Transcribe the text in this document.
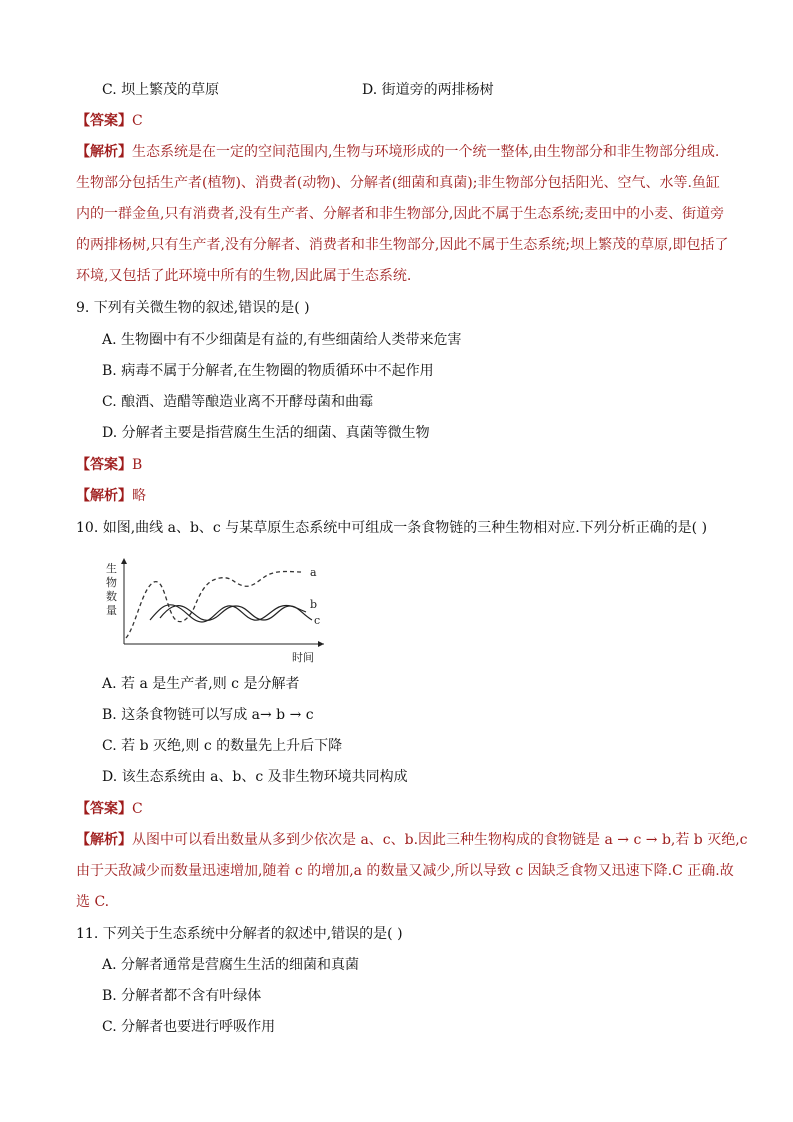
C. 坝上繁茂的草原	D. 街道旁的两排杨树
【答案】C
【解析】生态系统是在一定的空间范围内,生物与环境形成的一个统一整体,由生物部分和非生物部分组成.
生物部分包括生产者(植物)、消费者(动物)、分解者(细菌和真菌);非生物部分包括阳光、空气、水等.鱼缸
内的一群金鱼,只有消费者,没有生产者、分解者和非生物部分,因此不属于生态系统;麦田中的小麦、街道旁
的两排杨树,只有生产者,没有分解者、消费者和非生物部分,因此不属于生态系统;坝上繁茂的草原,即包括了
环境,又包括了此环境中所有的生物,因此属于生态系统.
9. 下列有关微生物的叙述,错误的是( )
A. 生物圈中有不少细菌是有益的,有些细菌给人类带来危害
B. 病毒不属于分解者,在生物圈的物质循环中不起作用
C. 酿酒、造醋等酿造业离不开酵母菌和曲霉
D. 分解者主要是指营腐生生活的细菌、真菌等微生物
【答案】B
【解析】略
10. 如图,曲线 a、b、c 与某草原生态系统中可组成一条食物链的三种生物相对应.下列分析正确的是( )
生
物
数
量
时间
a
b
c
A. 若 a 是生产者,则 c 是分解者
B. 这条食物链可以写成 a→ b → c
C. 若 b 灭绝,则 c 的数量先上升后下降
D. 该生态系统由 a、b、c 及非生物环境共同构成
【答案】C
【解析】从图中可以看出数量从多到少依次是 a、c、b.因此三种生物构成的食物链是 a → c → b,若 b 灭绝,c
由于天敌减少而数量迅速增加,随着 c 的增加,a 的数量又减少,所以导致 c 因缺乏食物又迅速下降.C 正确.故
选 C.
11. 下列关于生态系统中分解者的叙述中,错误的是( )
A. 分解者通常是营腐生生活的细菌和真菌
B. 分解者都不含有叶绿体
C. 分解者也要进行呼吸作用
